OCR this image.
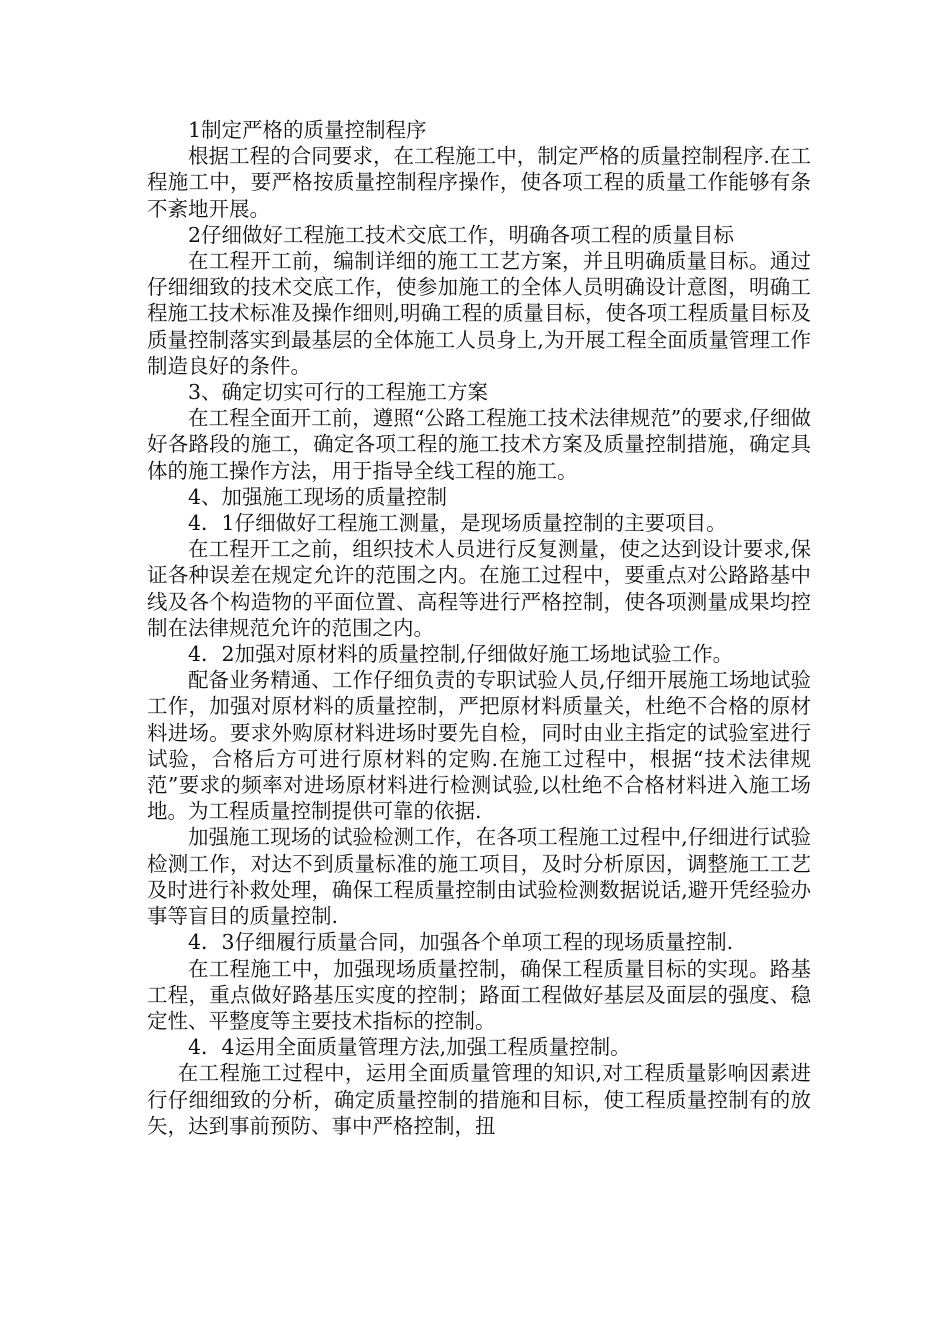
1制定严格的质量控制程序

根据工程的合同要求，在工程施工中，制定严格的质量控制程序.在工程施工中，要严格按质量控制程序操作，使各项工程的质量工作能够有条不紊地开展。

2仔细做好工程施工技术交底工作，明确各项工程的质量目标

在工程开工前，编制详细的施工工艺方案，并且明确质量目标。通过仔细细致的技术交底工作，使参加施工的全体人员明确设计意图，明确工程施工技术标准及操作细则,明确工程的质量目标，使各项工程质量目标及质量控制落实到最基层的全体施工人员身上,为开展工程全面质量管理工作制造良好的条件。

3、确定切实可行的工程施工方案

在工程全面开工前，遵照“公路工程施工技术法律规范”的要求,仔细做好各路段的施工，确定各项工程的施工技术方案及质量控制措施，确定具体的施工操作方法，用于指导全线工程的施工。

4、加强施工现场的质量控制

4．1仔细做好工程施工测量，是现场质量控制的主要项目。

在工程开工之前，组织技术人员进行反复测量，使之达到设计要求,保证各种误差在规定允许的范围之内。在施工过程中，要重点对公路路基中线及各个构造物的平面位置、高程等进行严格控制，使各项测量成果均控制在法律规范允许的范围之内。

4．2加强对原材料的质量控制,仔细做好施工场地试验工作。

配备业务精通、工作仔细负责的专职试验人员,仔细开展施工场地试验工作，加强对原材料的质量控制，严把原材料质量关，杜绝不合格的原材料进场。要求外购原材料进场时要先自检，同时由业主指定的试验室进行试验，合格后方可进行原材料的定购.在施工过程中，根据“技术法律规范”要求的频率对进场原材料进行检测试验,以杜绝不合格材料进入施工场地。为工程质量控制提供可靠的依据.

加强施工现场的试验检测工作，在各项工程施工过程中,仔细进行试验检测工作，对达不到质量标准的施工项目，及时分析原因，调整施工工艺及时进行补救处理，确保工程质量控制由试验检测数据说话,避开凭经验办事等盲目的质量控制.

4．3仔细履行质量合同，加强各个单项工程的现场质量控制.

在工程施工中，加强现场质量控制，确保工程质量目标的实现。路基工程，重点做好路基压实度的控制；路面工程做好基层及面层的强度、稳定性、平整度等主要技术指标的控制。

4．4运用全面质量管理方法,加强工程质量控制。

在工程施工过程中，运用全面质量管理的知识,对工程质量影响因素进行仔细细致的分析，确定质量控制的措施和目标，使工程质量控制有的放矢，达到事前预防、事中严格控制，扭
